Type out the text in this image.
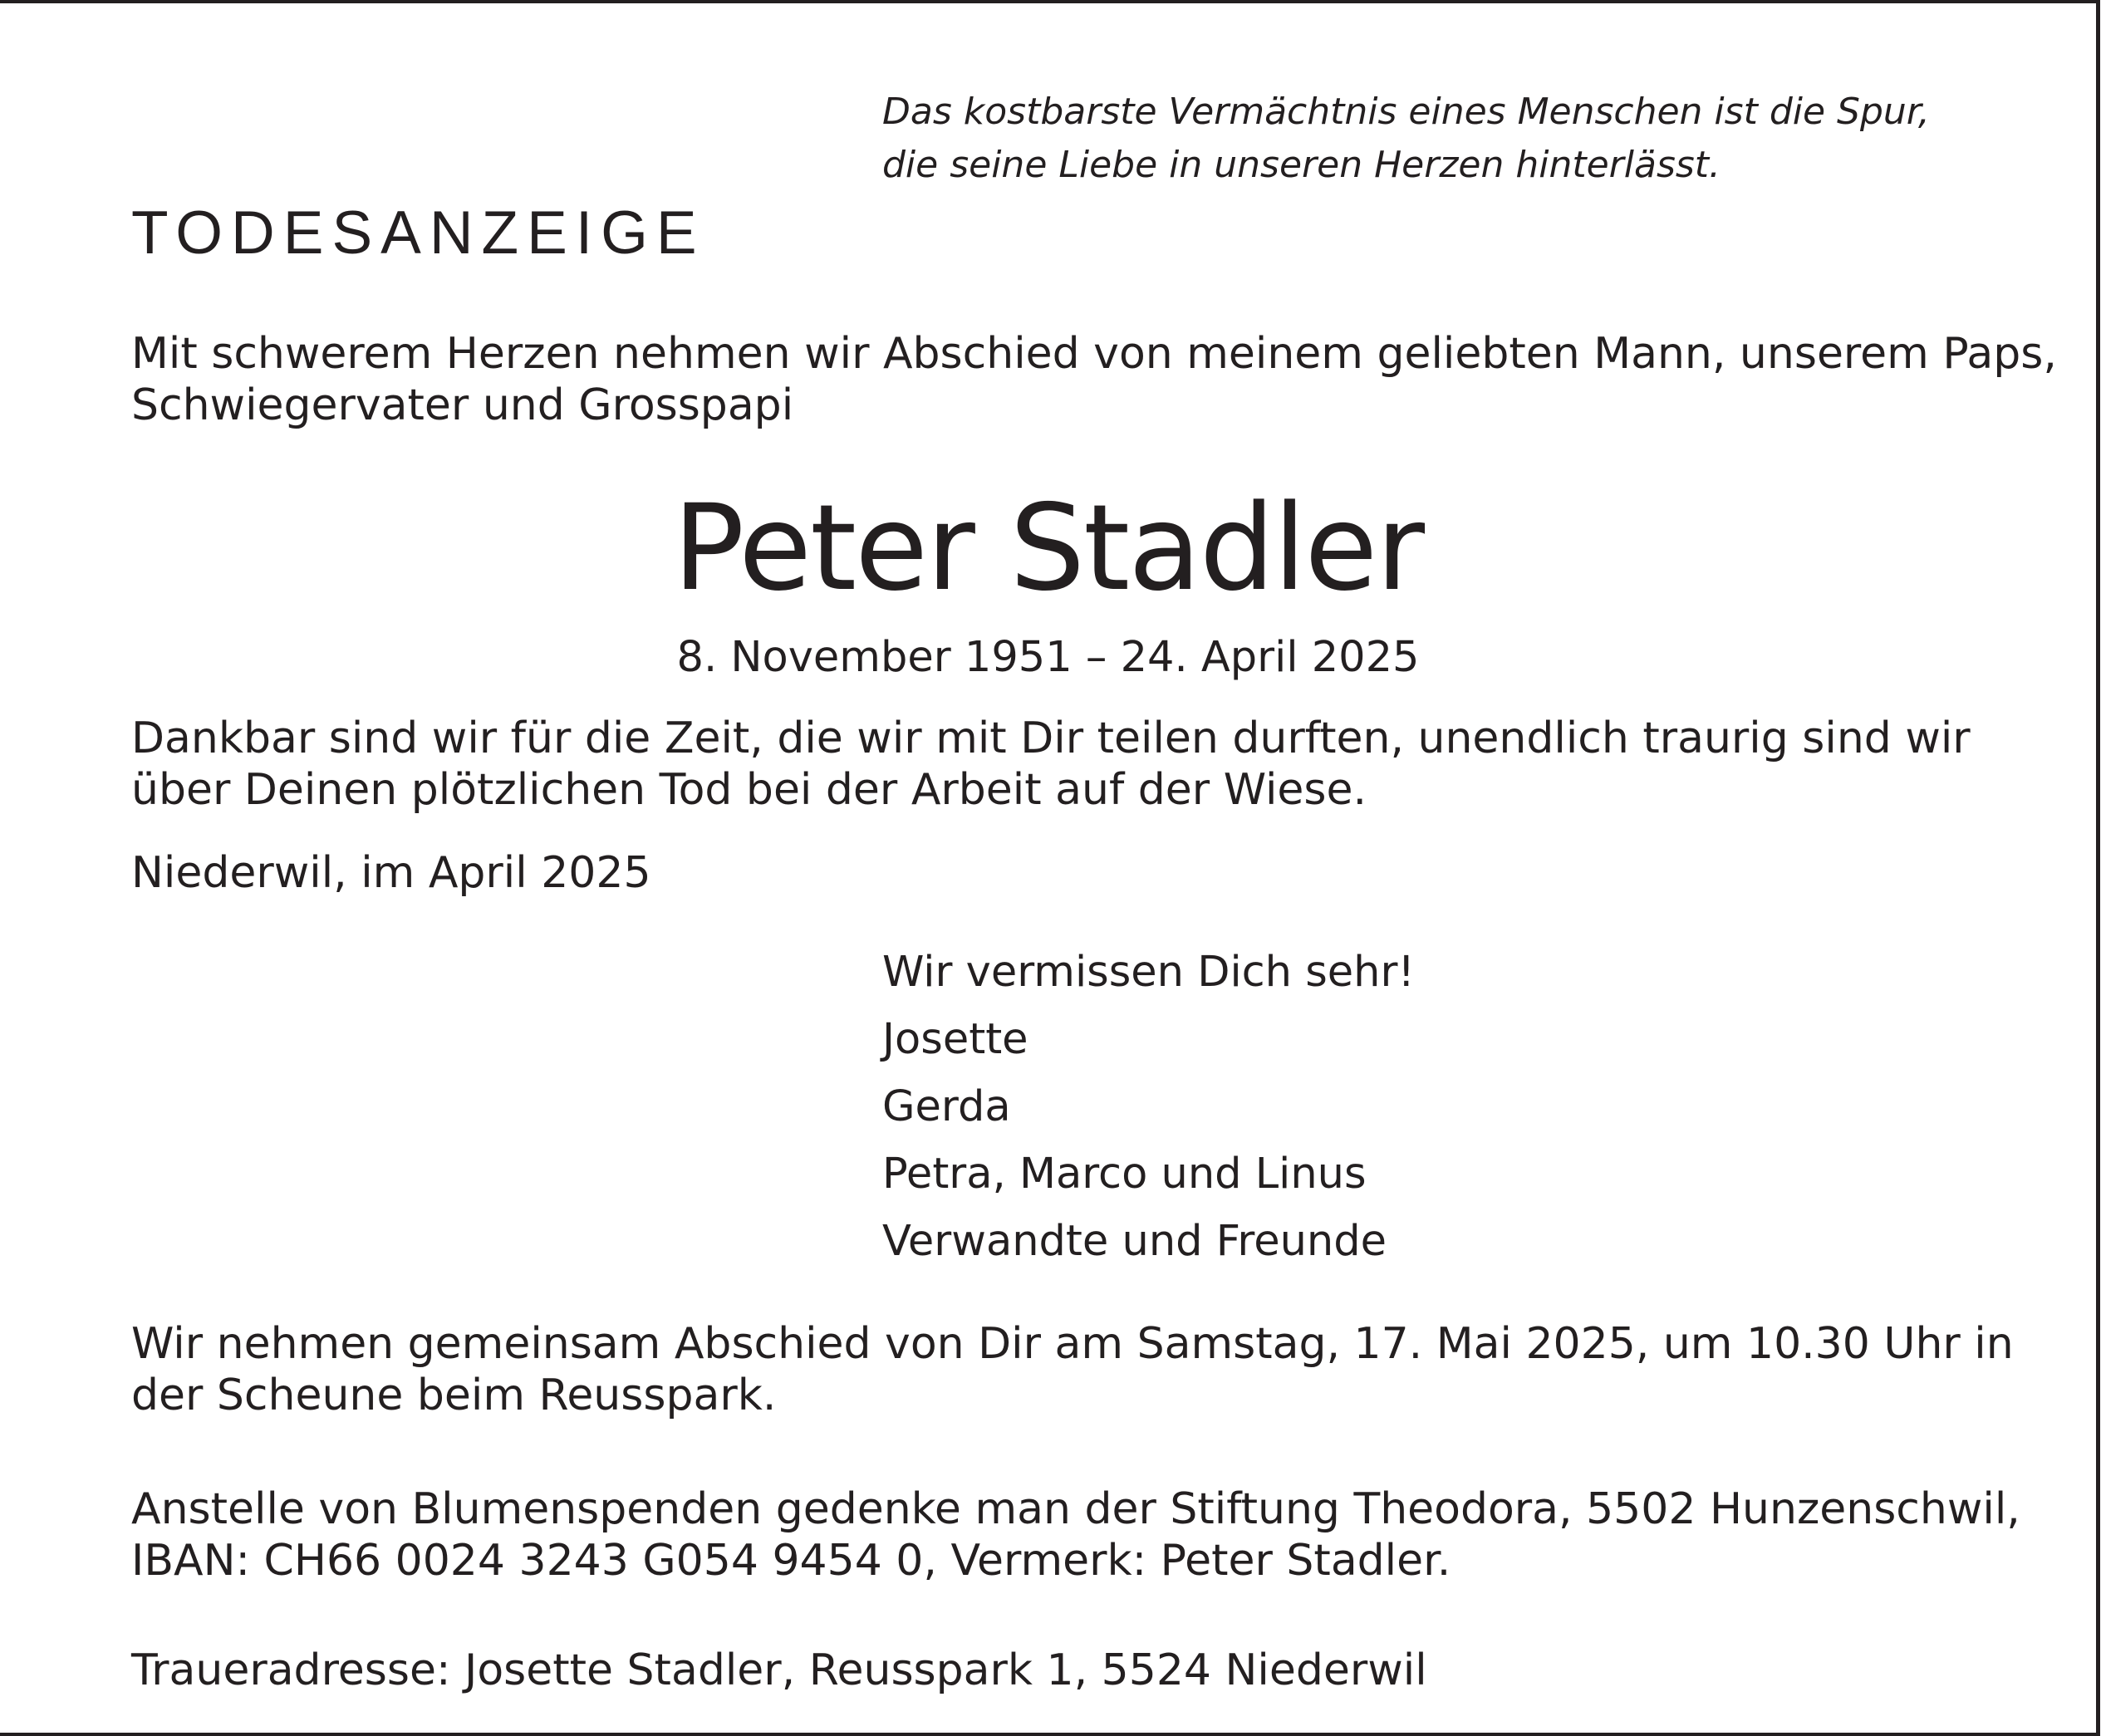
Das kostbarste Vermächtnis eines Menschen ist die Spur,
die seine Liebe in unseren Herzen hinterlässt.
TODESANZEIGE
Mit schwerem Herzen nehmen wir Abschied von meinem geliebten Mann, unserem Paps,
Schwiegervater und Grosspapi
Peter Stadler
8. November 1951 – 24. April 2025
Dankbar sind wir für die Zeit, die wir mit Dir teilen durften, unendlich traurig sind wir
über Deinen plötzlichen Tod bei der Arbeit auf der Wiese.
Niederwil, im April 2025
Wir vermissen Dich sehr!
Josette
Gerda
Petra, Marco und Linus
Verwandte und Freunde
Wir nehmen gemeinsam Abschied von Dir am Samstag, 17. Mai 2025, um 10.30 Uhr in
der Scheune beim Reusspark.
Anstelle von Blumenspenden gedenke man der Stiftung Theodora, 5502 Hunzenschwil,
IBAN: CH66 0024 3243 G054 9454 0, Vermerk: Peter Stadler.
Traueradresse: Josette Stadler, Reusspark 1, 5524 Niederwil
